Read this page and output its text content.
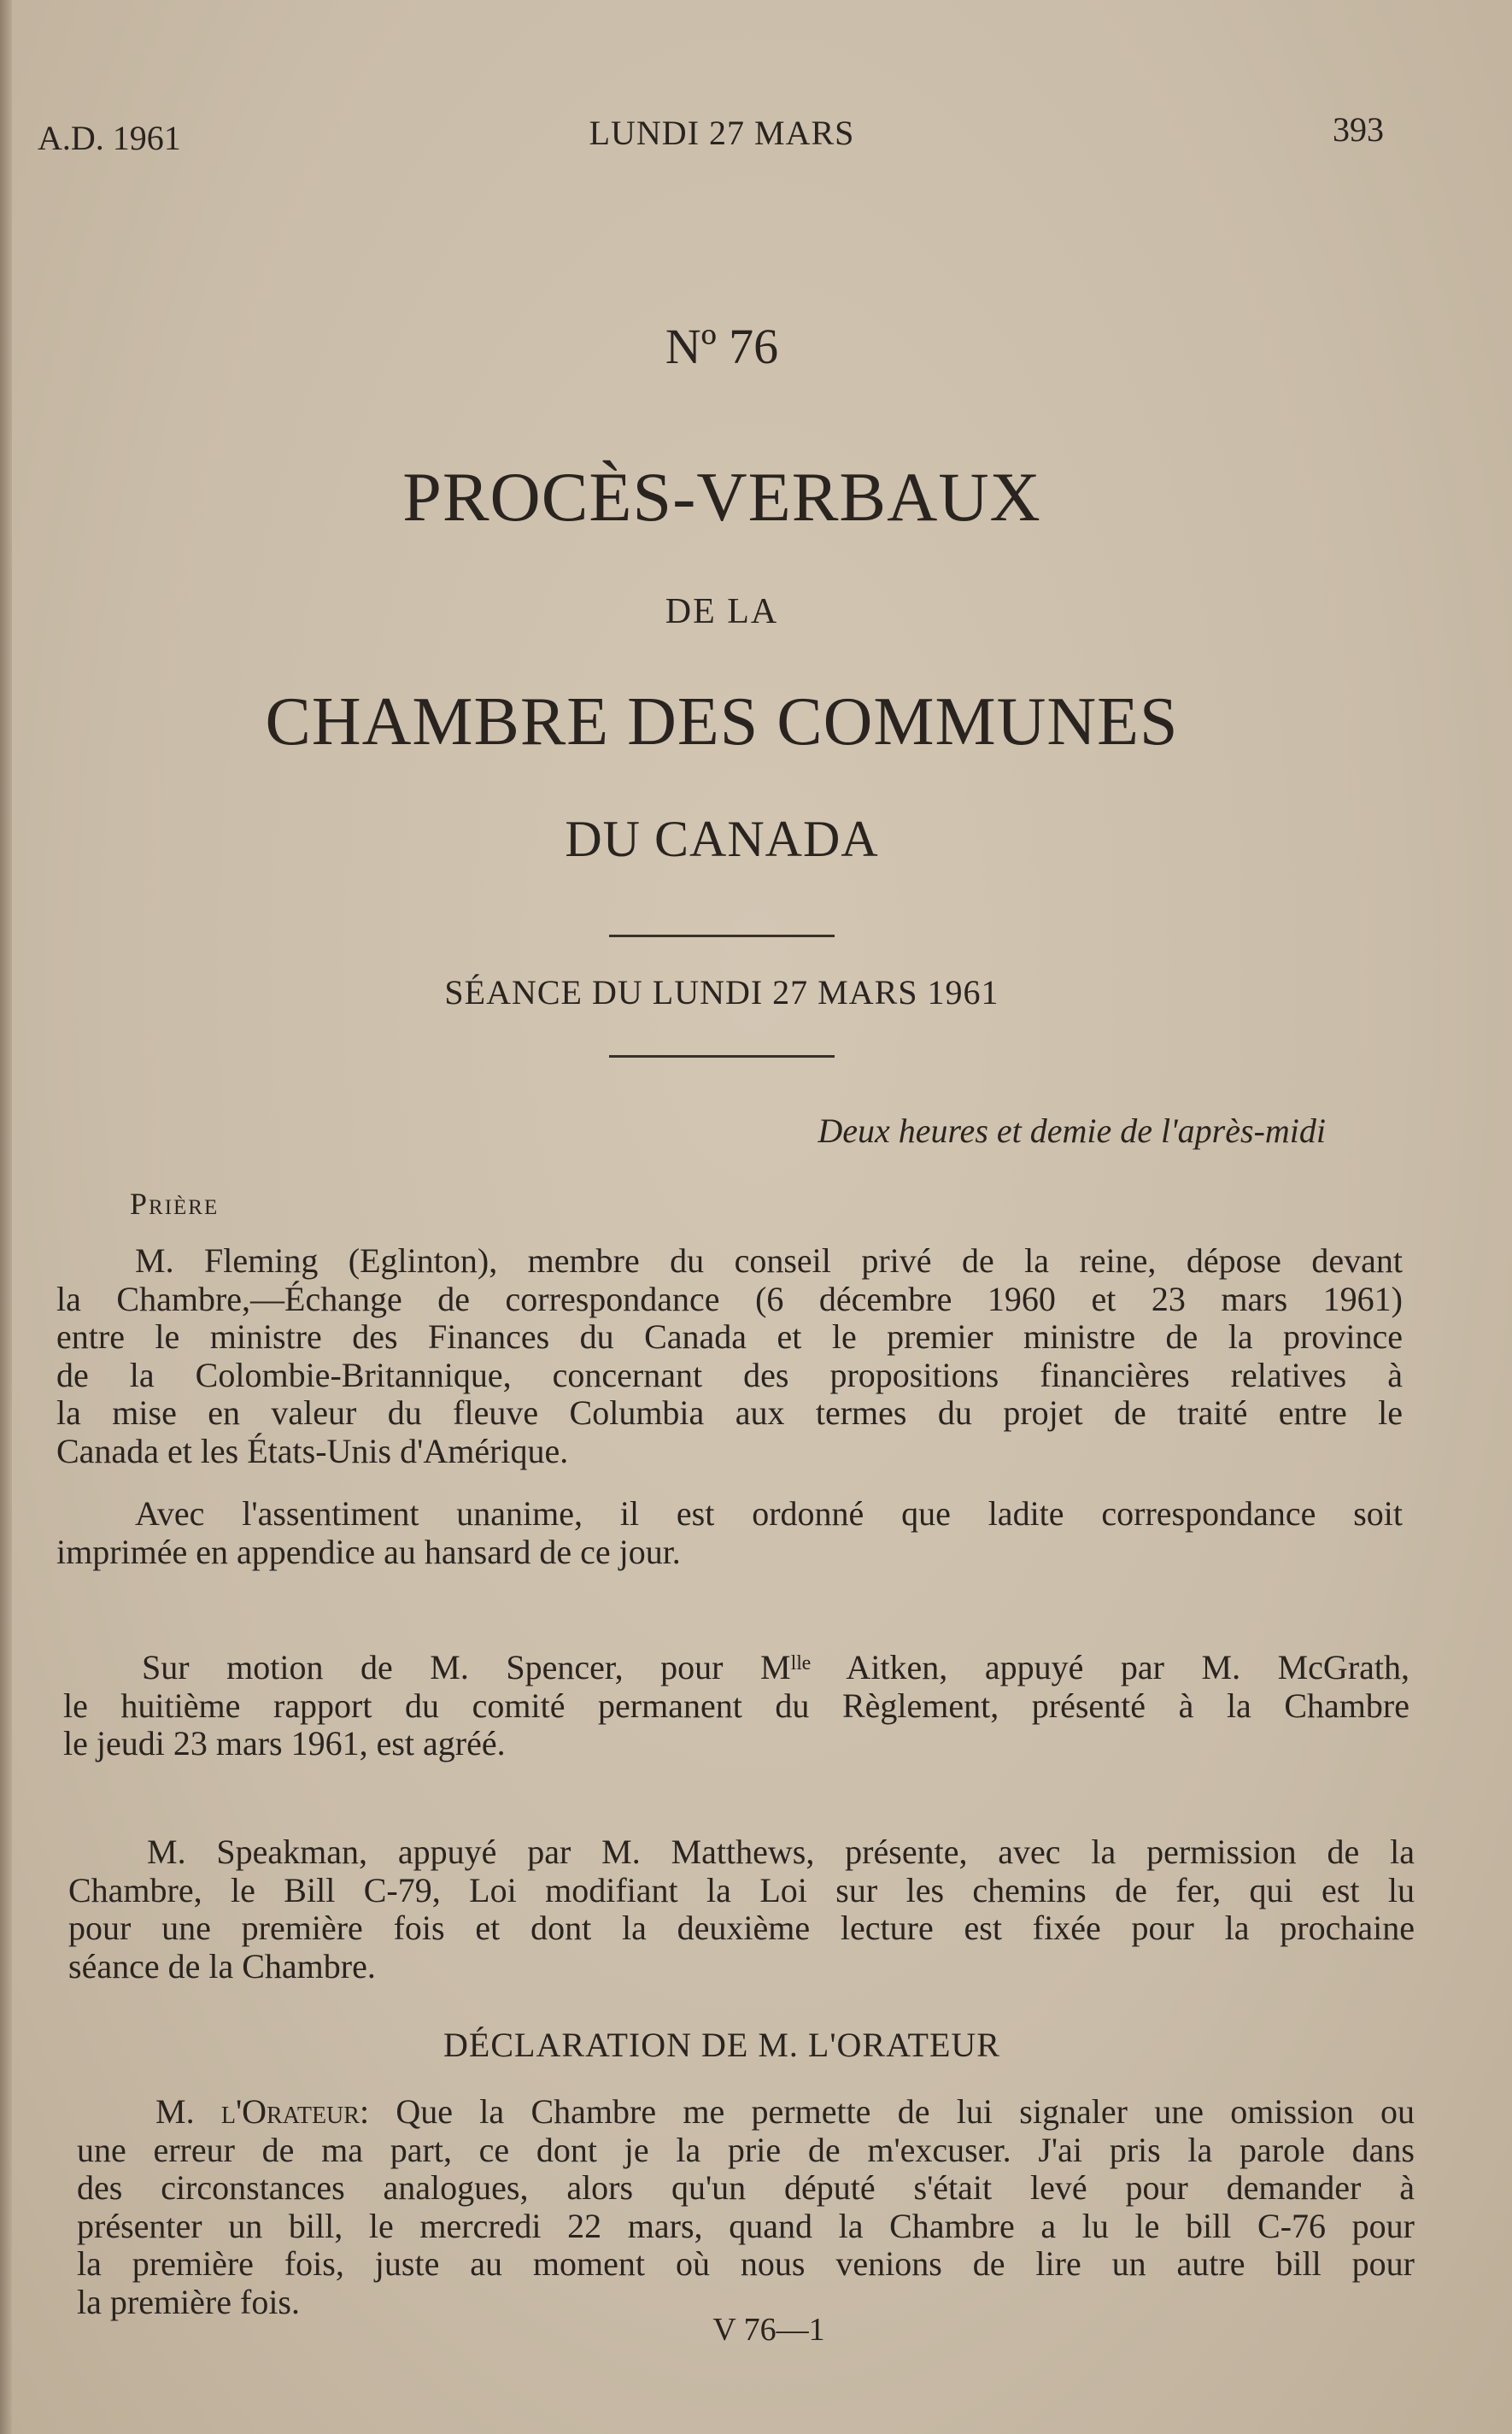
A.D. 1961	LUNDI 27 MARS	393
Nº 76
PROCÈS-VERBAUX
DE LA
CHAMBRE DES COMMUNES
DU CANADA
SÉANCE DU LUNDI 27 MARS 1961
Deux heures et demie de l'après-midi
Prière
M. Fleming (Eglinton), membre du conseil privé de la reine, dépose devant
la Chambre,—Échange de correspondance (6 décembre 1960 et 23 mars 1961)
entre le ministre des Finances du Canada et le premier ministre de la province
de la Colombie-Britannique, concernant des propositions financières relatives à
la mise en valeur du fleuve Columbia aux termes du projet de traité entre le
Canada et les États-Unis d'Amérique.
Avec l'assentiment unanime, il est ordonné que ladite correspondance soit
imprimée en appendice au hansard de ce jour.
Sur motion de M. Spencer, pour Mˡˡᵉ Aitken, appuyé par M. McGrath,
le huitième rapport du comité permanent du Règlement, présenté à la Chambre
le jeudi 23 mars 1961, est agréé.
M. Speakman, appuyé par M. Matthews, présente, avec la permission de la
Chambre, le Bill C-79, Loi modifiant la Loi sur les chemins de fer, qui est lu
pour une première fois et dont la deuxième lecture est fixée pour la prochaine
séance de la Chambre.
DÉCLARATION DE M. L'ORATEUR
M. l'Orateur: Que la Chambre me permette de lui signaler une omission ou
une erreur de ma part, ce dont je la prie de m'excuser. J'ai pris la parole dans
des circonstances analogues, alors qu'un député s'était levé pour demander à
présenter un bill, le mercredi 22 mars, quand la Chambre a lu le bill C-76 pour
la première fois, juste au moment où nous venions de lire un autre bill pour
la première fois.
V 76—1
